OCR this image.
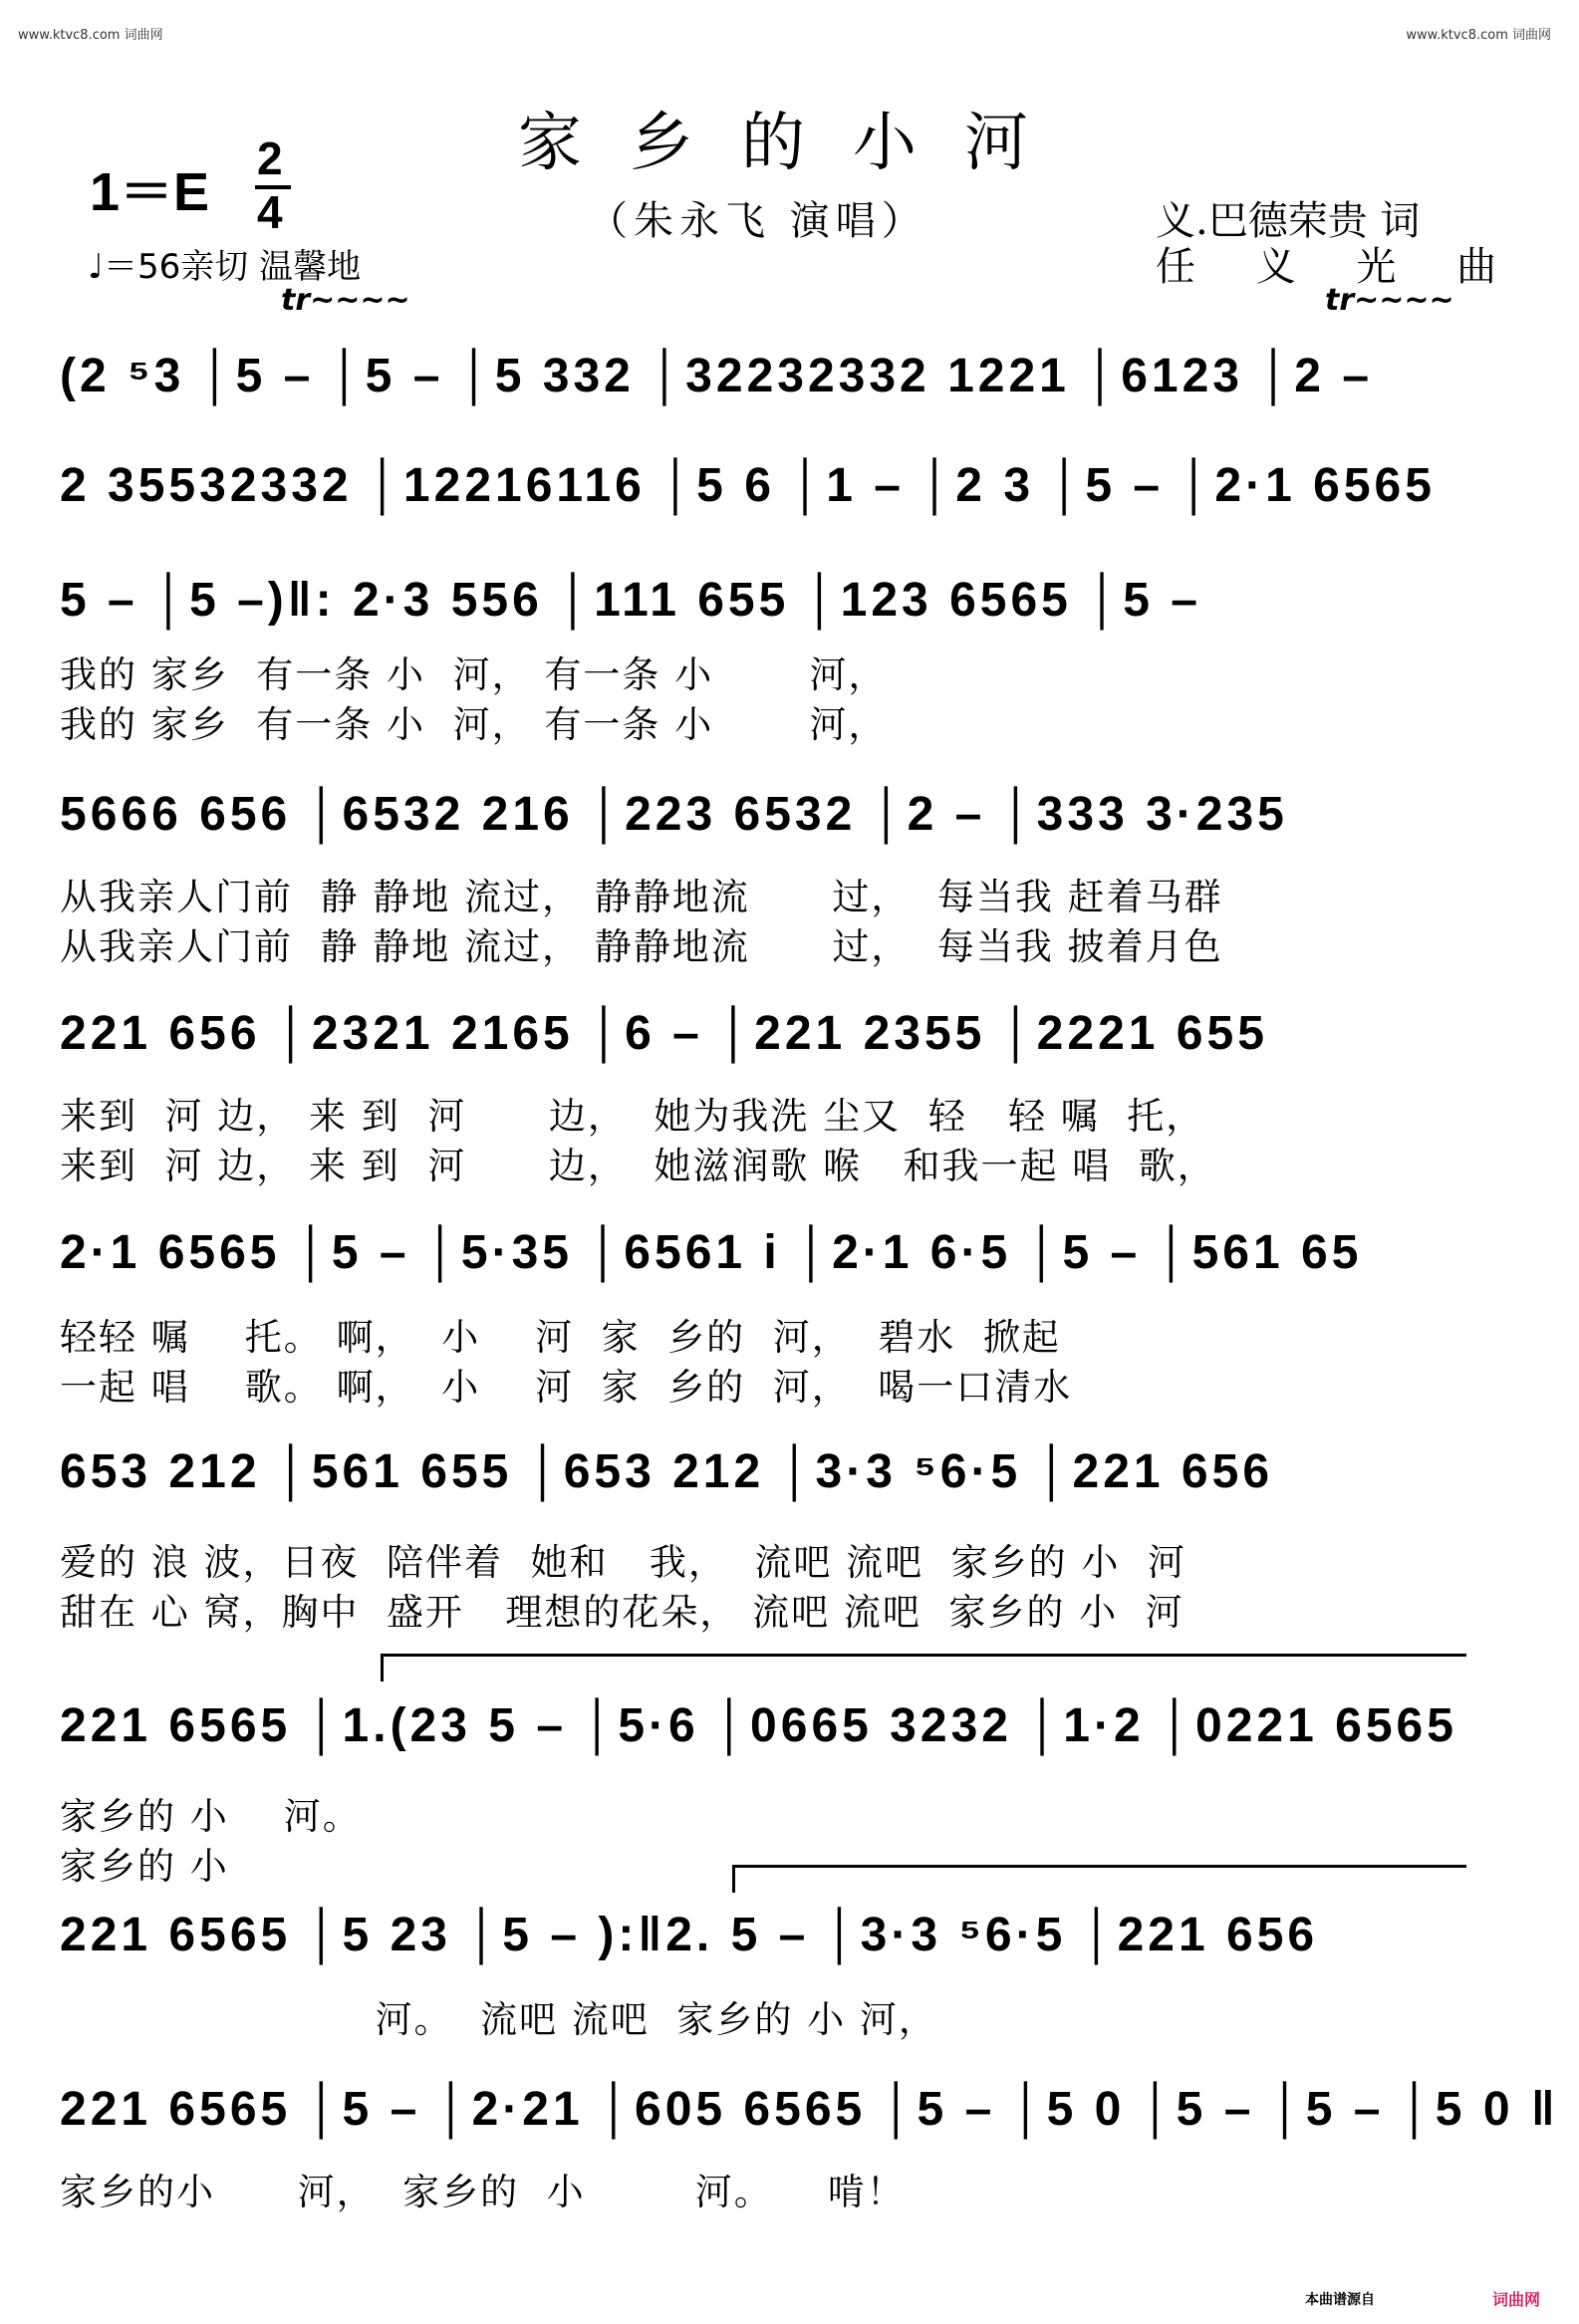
www.ktvc8.com 词曲网	www.ktvc8.com 词曲网
家乡的小河
（朱永飞 演唱）	义.巴德荣贵 词
任 义 光 曲
1＝E
2
4
♩＝56亲切 温馨地
tr~~~~	tr~~~~
(2 ⁵3 │5 – │5 – │5 332 │32232332 1221 │6123 │2 –
2 35532332 │12216116 │5 6 │1 – │2 3 │5 – │2·1 6565
5 – │5 –)‖: 2·3 556 │111 655 │123 6565 │5 –
我的 家乡  有一条 小  河， 有一条 小       河，
我的 家乡  有一条 小  河， 有一条 小       河，
5666 656 │6532 216 │223 6532 │2 – │333 3·235
从我亲人门前  静 静地 流过， 静静地流      过，  每当我 赶着马群
从我亲人门前  静 静地 流过， 静静地流      过，  每当我 披着月色
221 656 │2321 2165 │6 – │221 2355 │2221 655
来到  河 边， 来 到  河      边，  她为我洗 尘又  轻   轻 嘱  托，
来到  河 边， 来 到  河      边，  她滋润歌 喉   和我一起 唱  歌，
2·1 6565 │5 – │5·35 │6561 i │2·1 6·5 │5 – │561 65
轻轻 嘱    托。 啊，  小    河  家  乡的  河，  碧水  掀起
一起 唱    歌。 啊，  小    河  家  乡的  河，  喝一口清水
653 212 │561 655 │653 212 │3·3 ⁵6·5 │221 656
爱的 浪 波，日夜  陪伴着  她和   我，  流吧 流吧  家乡的 小  河
甜在 心 窝，胸中  盛开   理想的花朵， 流吧 流吧  家乡的 小  河
221 6565 │1.(23 5 – │5·6 │0665 3232 │1·2 │0221 6565
家乡的 小    河。
家乡的 小
221 6565 │5 23 │5 – ):‖2. 5 – │3·3 ⁵6·5 │221 656
河。  流吧 流吧  家乡的 小 河，
221 6565 │5 – │2·21 │605 6565 │5 – │5 0 │5 – │5 – │5 0 ‖
家乡的小      河，  家乡的  小        河。    啃！
本曲谱源自	词曲网
